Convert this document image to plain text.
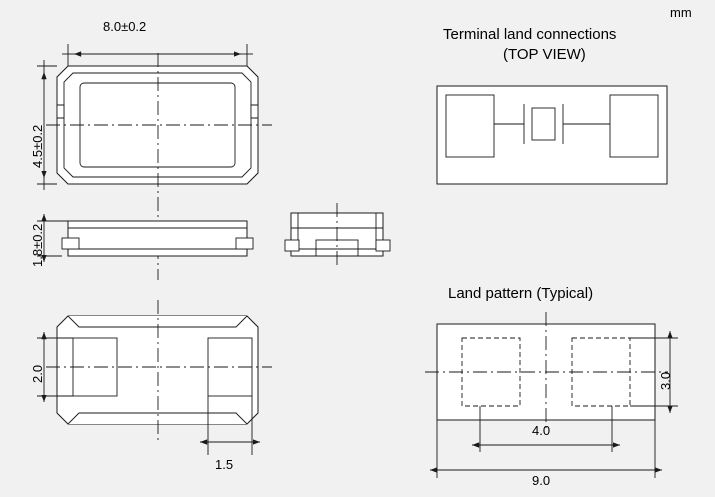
mm
8.0±0.2
4.5±0.2
1.8±0.2
2.0
1.5
Terminal land connections
(TOP VIEW)
Land pattern (Typical)
4.0
9.0
3.0
